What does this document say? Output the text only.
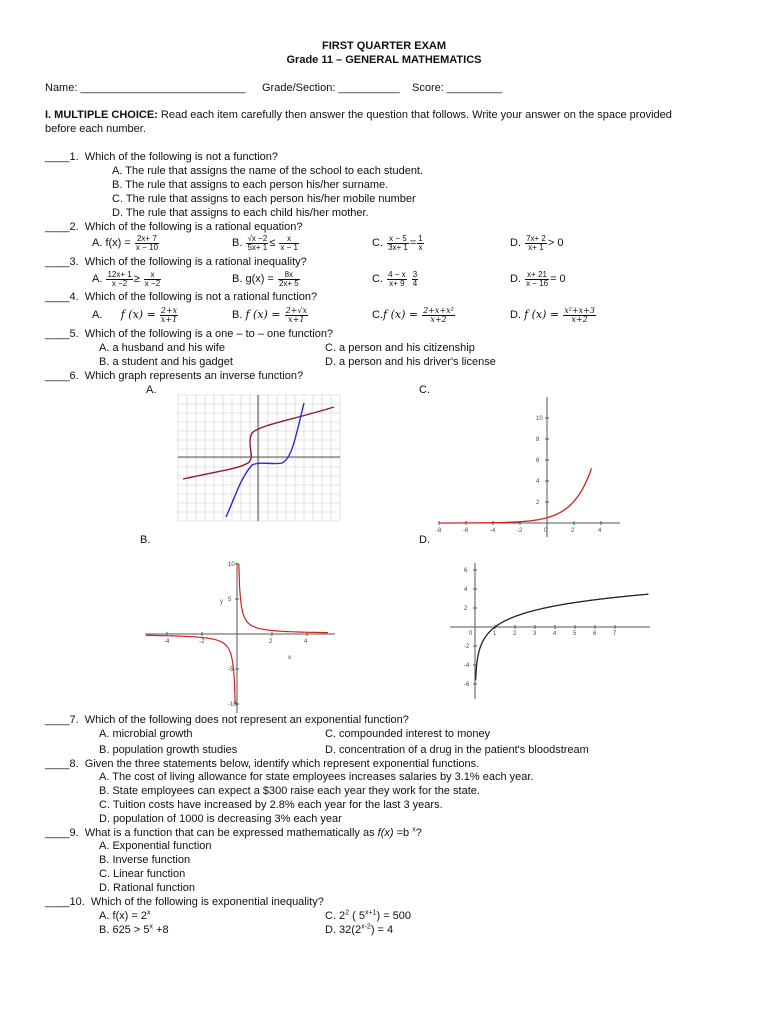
FIRST QUARTER EXAM
Grade 11 – GENERAL MATHEMATICS
Name: ___________________________ Grade/Section: __________ Score: _________
I. MULTIPLE CHOICE: Read each item carefully then answer the question that follows. Write your answer on the space provided
before each number.
____1. Which of the following is not a function?
A. The rule that assigns the name of the school to each student.
B. The rule that assigns to each person his/her surname.
C. The rule that assigns to each person his/her mobile number
D. The rule that assigns to each child his/her mother.
____2. Which of the following is a rational equation?
A. $f(x) = \frac{2x+ 7}{x - 10}$	B. $\frac{√x -2}{5x+ 1} \le \frac{x}{x - 1}$	C. $\frac{x - 5}{3x+ 1} = \frac{1}{x}$	D. $\frac{7x+ 2}{x+ 1} > 0$
____3. Which of the following is a rational inequality?
A. $\frac{12x+ 1}{x -2} \ge \frac{x}{x -2}$	B. $g(x) = \frac{8x}{2x+ 5}$	C. $\frac{4 - x}{x+ 9}$
$\frac{3}{4}$	D. $\frac{x+ 21}{x - 16} = 0$
____4. Which of the following is not a rational function?
A.      f $(x) = \frac{2+x}{x+1}$	B. f $(x) = \frac{2+√x}{x+1}$	C.f $(x) = \frac{\text{2+x+x²}}{x+2}$	D. f $(x) = \frac{\text{x²+x+3}}{x+2}$
____5. Which of the following is a one – to – one function?
A. a husband and his wife
B. a student and his gadget
C. a person and his citizenship
D. a person and his driver's license
____6. Which graph represents an inverse function?
A.	C.
B.	D.
10
8
6
4
2
-8	-6	-4	-2	0	2	4
10
5
-5
-10
-4	-2	2	4
y
x
6
4
2
-2
-4
-6
0	1	2	3	4	5	6	7
____7. Which of the following does not represent an exponential function?
A. microbial growth
B. population growth studies
C. compounded interest to money
D. concentration of a drug in the patient's bloodstream
____8. Given the three statements below, identify which represent exponential functions.
A. The cost of living allowance for state employees increases salaries by 3.1% each year.
B. State employees can expect a $300 raise each year they work for the state.
C. Tuition costs have increased by 2.8% each year for the last 3 years.
D. population of 1000 is decreasing 3% each year
____9. What is a function that can be expressed mathematically as f(x) =b $^x$?
A. Exponential function
B. Inverse function
C. Linear function
D. Rational function
____10. Which of the following is exponential inequality?
A. $f(x) = 2^x$
B. $625 > 5^x +8$
C. $2^2$ ( $5^{x+1}) = 500$
D. $32(2^{x-2}) = 4$
